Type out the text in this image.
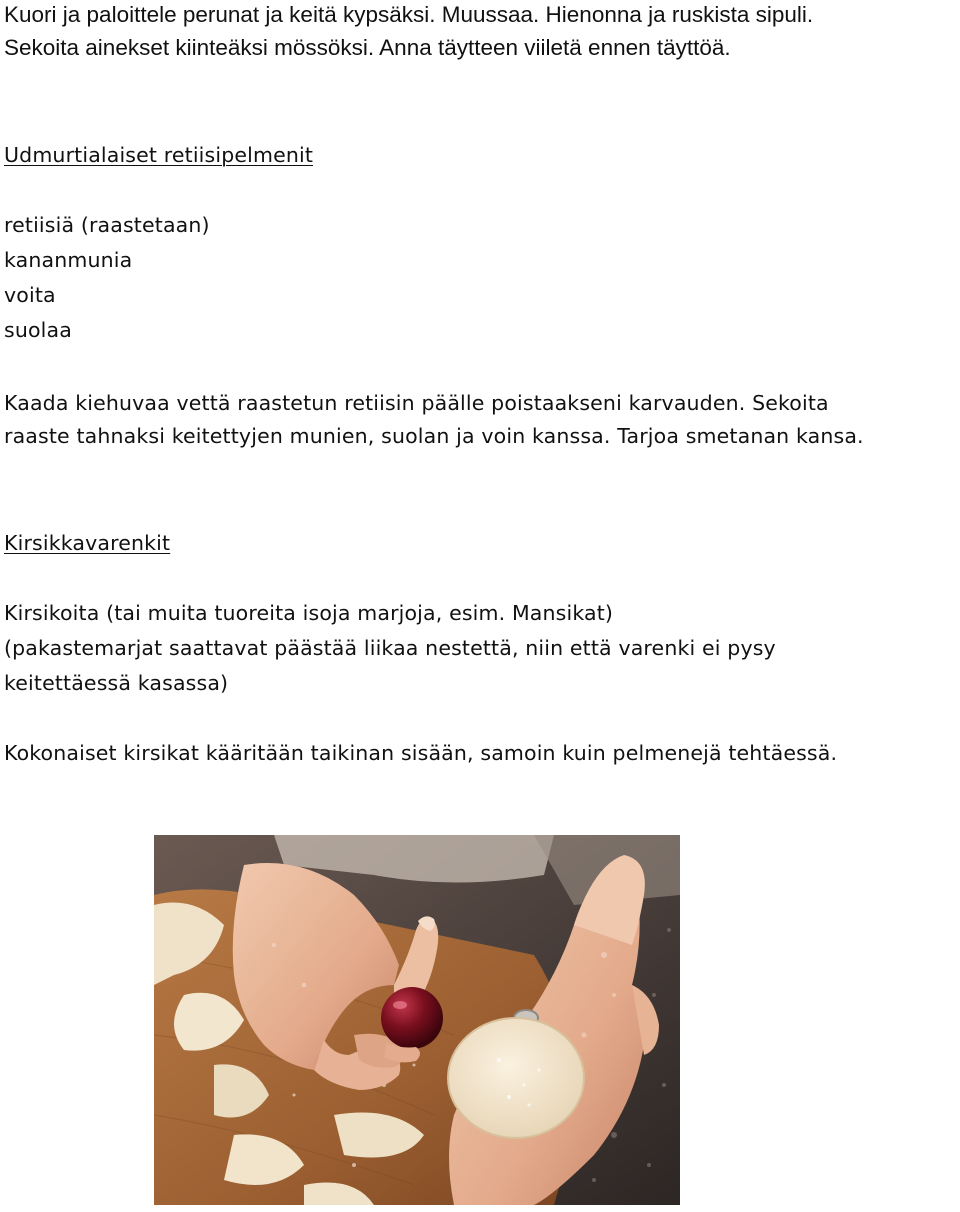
Kuori ja paloittele perunat ja keitä kypsäksi. Muussaa. Hienonna ja ruskista sipuli.
Sekoita ainekset kiinteäksi mössöksi. Anna täytteen viiletä ennen täyttöä.
Udmurtialaiset retiisipelmenit
retiisiä (raastetaan)
kananmunia
voita
suolaa
Kaada kiehuvaa vettä raastetun retiisin päälle poistaakseni karvauden. Sekoita
raaste tahnaksi keitettyjen munien, suolan ja voin kanssa. Tarjoa smetanan kansa.
Kirsikkavarenkit
Kirsikoita (tai muita tuoreita isoja marjoja, esim. Mansikat)
(pakastemarjat saattavat päästää liikaa nestettä, niin että varenki ei pysy
keitettäessä kasassa)
Kokonaiset kirsikat kääritään taikinan sisään, samoin kuin pelmenejä tehtäessä.
